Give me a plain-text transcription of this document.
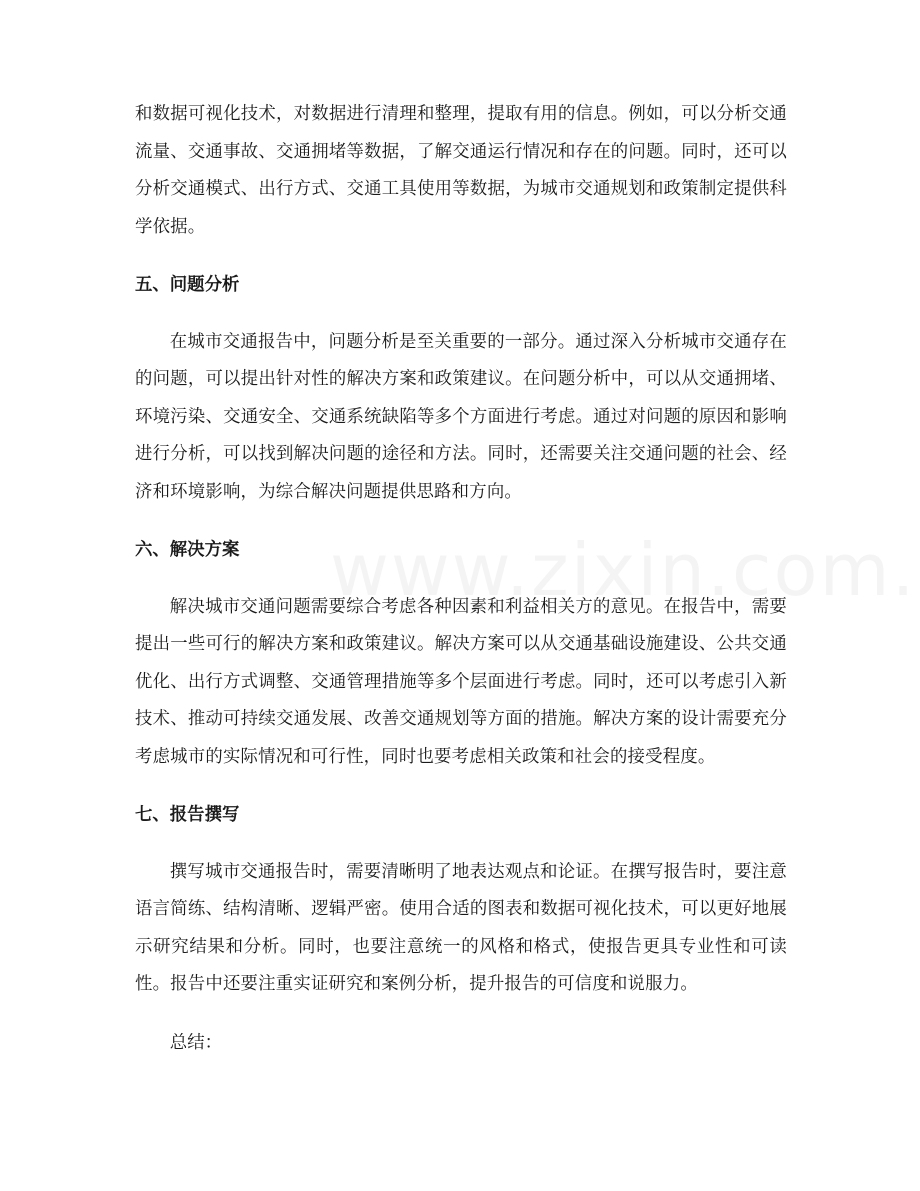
和数据可视化技术，对数据进行清理和整理，提取有用的信息。例如，可以分析交通流量、交通事故、交通拥堵等数据，了解交通运行情况和存在的问题。同时，还可以分析交通模式、出行方式、交通工具使用等数据，为城市交通规划和政策制定提供科学依据。

五、问题分析

在城市交通报告中，问题分析是至关重要的一部分。通过深入分析城市交通存在的问题，可以提出针对性的解决方案和政策建议。在问题分析中，可以从交通拥堵、环境污染、交通安全、交通系统缺陷等多个方面进行考虑。通过对问题的原因和影响进行分析，可以找到解决问题的途径和方法。同时，还需要关注交通问题的社会、经济和环境影响，为综合解决问题提供思路和方向。

六、解决方案

解决城市交通问题需要综合考虑各种因素和利益相关方的意见。在报告中，需要提出一些可行的解决方案和政策建议。解决方案可以从交通基础设施建设、公共交通优化、出行方式调整、交通管理措施等多个层面进行考虑。同时，还可以考虑引入新技术、推动可持续交通发展、改善交通规划等方面的措施。解决方案的设计需要充分考虑城市的实际情况和可行性，同时也要考虑相关政策和社会的接受程度。

七、报告撰写

撰写城市交通报告时，需要清晰明了地表达观点和论证。在撰写报告时，要注意语言简练、结构清晰、逻辑严密。使用合适的图表和数据可视化技术，可以更好地展示研究结果和分析。同时，也要注意统一的风格和格式，使报告更具专业性和可读性。报告中还要注重实证研究和案例分析，提升报告的可信度和说服力。

总结：
